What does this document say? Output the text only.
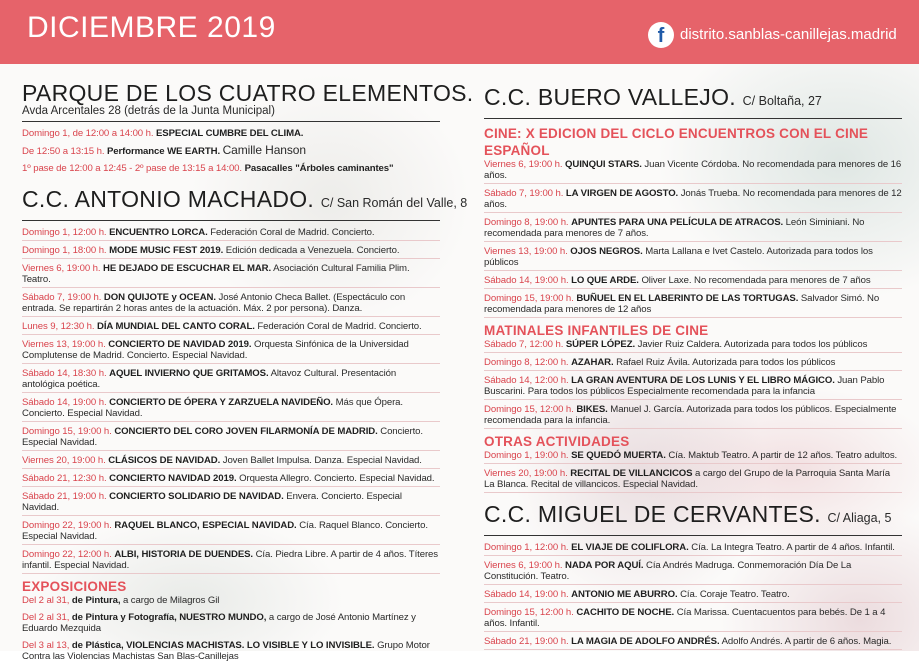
DICIEMBRE 2019	f	distrito.sanblas-canillejas.madrid
PARQUE DE LOS CUATRO ELEMENTOS.
Avda Arcentales 28 (detrás de la Junta Municipal)
Domingo 1, de 12:00 a 14:00 h. ESPECIAL CUMBRE DEL CLIMA.
De 12:50 a 13:15 h. Performance WE EARTH. Camille Hanson
1º pase de 12:00 a 12:45 - 2º pase de 13:15 a 14:00. Pasacalles "Árboles caminantes"
C.C. ANTONIO MACHADO. C/ San Román del Valle, 8
Domingo 1, 12:00 h. ENCUENTRO LORCA. Federación Coral de Madrid. Concierto.
Domingo 1, 18:00 h. MODE MUSIC FEST 2019. Edición dedicada a Venezuela. Concierto.
Viernes 6, 19:00 h. HE DEJADO DE ESCUCHAR EL MAR. Asociación Cultural Familia Plim. Teatro.
Sábado 7, 19:00 h. DON QUIJOTE y OCEAN. José Antonio Checa Ballet. (Espectáculo con entrada. Se repartirán 2 horas antes de la actuación. Máx. 2 por persona). Danza.
Lunes 9, 12:30 h. DÍA MUNDIAL DEL CANTO CORAL. Federación Coral de Madrid. Concierto.
Viernes 13, 19:00 h. CONCIERTO DE NAVIDAD 2019. Orquesta Sinfónica de la Universidad Complutense de Madrid. Concierto. Especial Navidad.
Sábado 14, 18:30 h. AQUEL INVIERNO QUE GRITAMOS. Altavoz Cultural. Presentación antológica poética.
Sábado 14, 19:00 h. CONCIERTO DE ÓPERA Y ZARZUELA NAVIDEÑO. Más que Ópera. Concierto. Especial Navidad.
Domingo 15, 19:00 h. CONCIERTO DEL CORO JOVEN FILARMONÍA DE MADRID. Concierto. Especial Navidad.
Viernes 20, 19:00 h. CLÁSICOS DE NAVIDAD. Joven Ballet Impulsa. Danza. Especial Navidad.
Sábado 21, 12:30 h. CONCIERTO NAVIDAD 2019. Orquesta Allegro. Concierto. Especial Navidad.
Sábado 21, 19:00 h. CONCIERTO SOLIDARIO DE NAVIDAD. Envera. Concierto. Especial Navidad.
Domingo 22, 19:00 h. RAQUEL BLANCO, ESPECIAL NAVIDAD. Cía. Raquel Blanco. Concierto. Especial Navidad.
Domingo 22, 12:00 h. ALBI, HISTORIA DE DUENDES. Cía. Piedra Libre. A partir de 4 años. Títeres infantil. Especial Navidad.
EXPOSICIONES
Del 2 al 31, de Pintura, a cargo de Milagros Gil
Del 2 al 31, de Pintura y Fotografía, NUESTRO MUNDO, a cargo de José Antonio Martínez y Eduardo Mezquida
Del 3 al 13, de Plástica, VIOLENCIAS MACHISTAS. LO VISIBLE Y LO INVISIBLE. Grupo Motor Contra las Violencias Machistas San Blas-Canillejas
C.C. BUERO VALLEJO. C/ Boltaña, 27
CINE: X EDICION DEL CICLO ENCUENTROS CON EL CINE ESPAÑOL
Viernes 6, 19:00 h. QUINQUI STARS. Juan Vicente Córdoba. No recomendada para menores de 16 años.
Sábado 7, 19:00 h. LA VIRGEN DE AGOSTO. Jonás Trueba. No recomendada para menores de 12 años.
Domingo 8, 19:00 h. APUNTES PARA UNA PELÍCULA DE ATRACOS. León Siminiani. No recomendada para menores de 7 años.
Viernes 13, 19:00 h. OJOS NEGROS. Marta Lallana e Ivet Castelo. Autorizada para todos los públicos
Sábado 14, 19:00 h. LO QUE ARDE. Oliver Laxe. No recomendada para menores de 7 años
Domingo 15, 19:00 h. BUÑUEL EN EL LABERINTO DE LAS TORTUGAS. Salvador Simó. No recomendada para menores de 12 años
MATINALES INFANTILES DE CINE
Sábado 7, 12:00 h. SÚPER LÓPEZ. Javier Ruiz Caldera. Autorizada para todos los públicos
Domingo 8, 12:00 h. AZAHAR. Rafael Ruiz Ávila. Autorizada para todos los públicos
Sábado 14, 12:00 h. LA GRAN AVENTURA DE LOS LUNIS Y EL LIBRO MÁGICO. Juan Pablo Buscarini. Para todos los públicos Especialmente recomendada para la infancia
Domingo 15, 12:00 h. BIKES. Manuel J. García. Autorizada para todos los públicos. Especialmente recomendada para la infancia.
OTRAS ACTIVIDADES
Domingo 1, 19:00 h. SE QUEDÓ MUERTA. Cía. Maktub Teatro. A partir de 12 años. Teatro adultos.
Viernes 20, 19:00 h. RECITAL DE VILLANCICOS a cargo del Grupo de la Parroquia Santa María La Blanca. Recital de villancicos. Especial Navidad.
C.C. MIGUEL DE CERVANTES. C/ Aliaga, 5
Domingo 1, 12:00 h. EL VIAJE DE COLIFLORA. Cía. La Integra Teatro. A partir de 4 años. Infantil.
Viernes 6, 19:00 h. NADA POR AQUÍ. Cía Andrés Madruga. Conmemoración Día De La Constitución. Teatro.
Sábado 14, 19:00 h. ANTONIO ME ABURRO. Cía. Coraje Teatro. Teatro.
Domingo 15, 12:00 h. CACHITO DE NOCHE. Cía Marissa. Cuentacuentos para bebés. De 1 a 4 años. Infantil.
Sábado 21, 19:00 h. LA MAGIA DE ADOLFO ANDRÉS. Adolfo Andrés. A partir de 6 años. Magia.
